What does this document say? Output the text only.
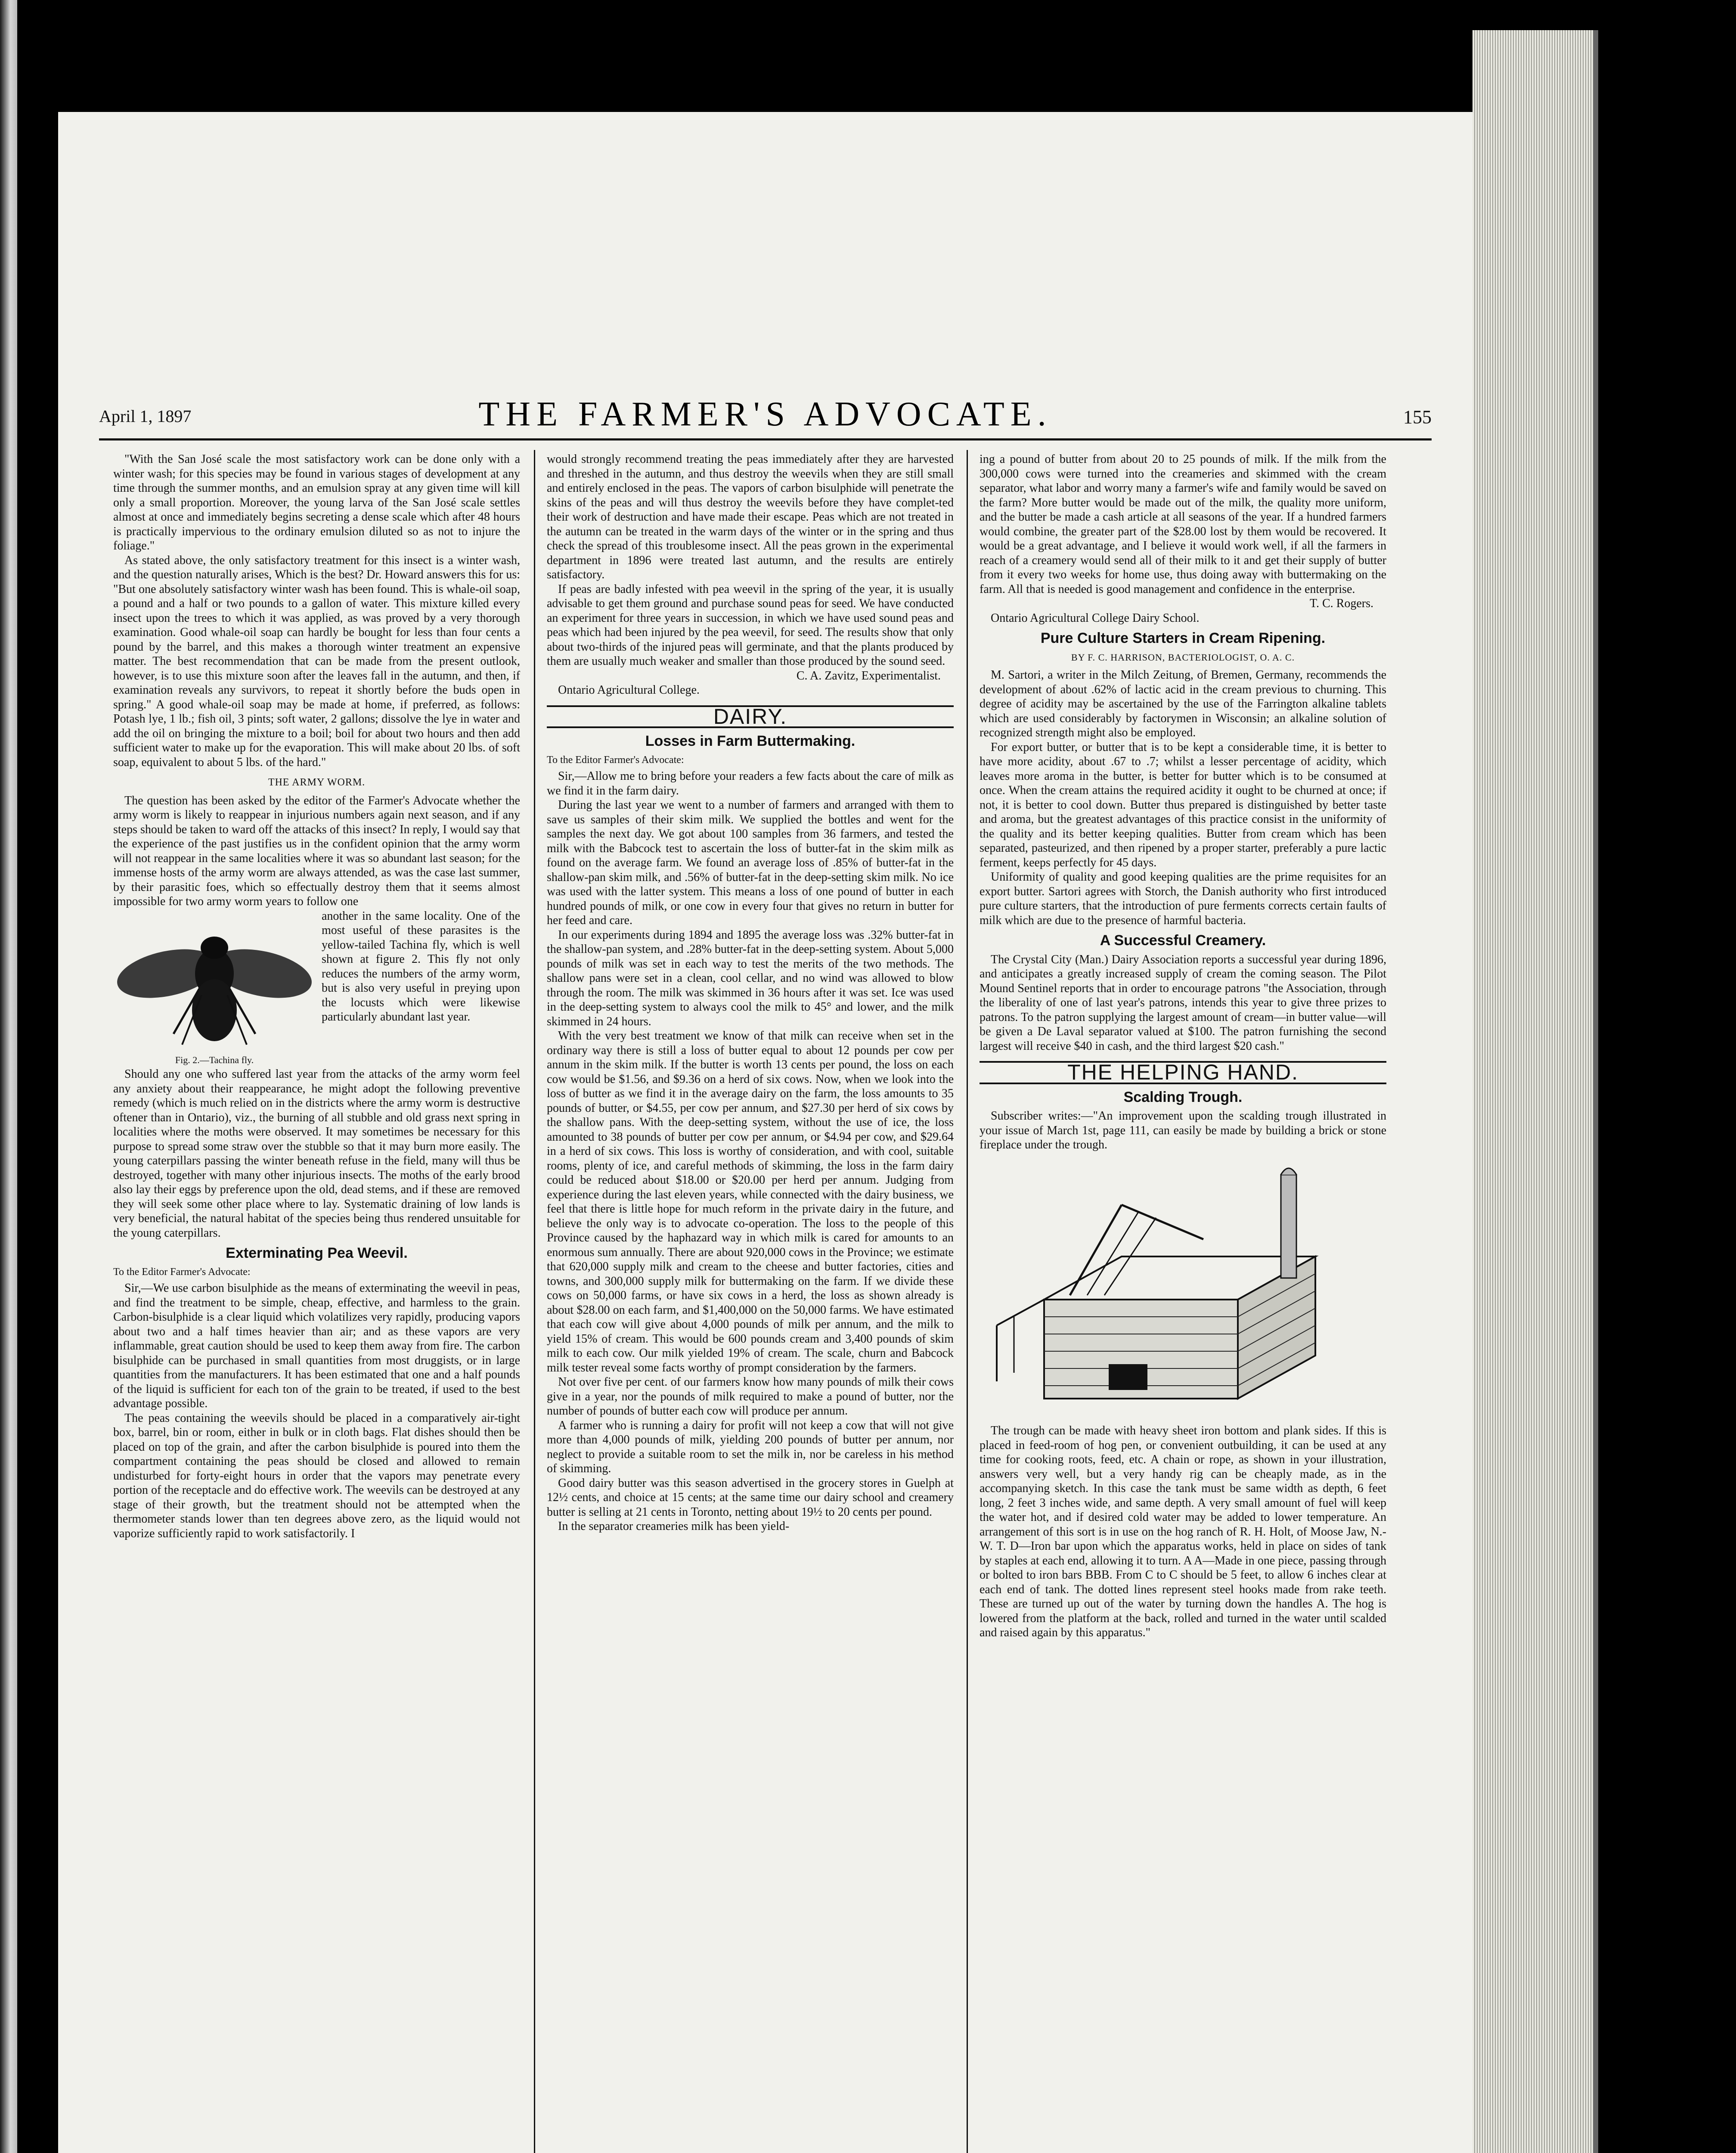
April 1, 1897	THE FARMER'S ADVOCATE.	155

"With the San José scale the most satisfactory work can be done only with a winter wash; for this species may be found in various stages of development at any time through the summer months, and an emulsion spray at any given time will kill only a small proportion. Moreover, the young larva of the San José scale settles almost at once and immediately begins secreting a dense scale which after 48 hours is practically impervious to the ordinary emulsion diluted so as not to injure the foliage."

As stated above, the only satisfactory treatment for this insect is a winter wash, and the question naturally arises, Which is the best? Dr. Howard answers this for us: "But one absolutely satisfactory winter wash has been found. This is whale-oil soap, a pound and a half or two pounds to a gallon of water. This mixture killed every insect upon the trees to which it was applied, as was proved by a very thorough examination. Good whale-oil soap can hardly be bought for less than four cents a pound by the barrel, and this makes a thorough winter treatment an expensive matter. The best recommendation that can be made from the present outlook, however, is to use this mixture soon after the leaves fall in the autumn, and then, if examination reveals any survivors, to repeat it shortly before the buds open in spring." A good whale-oil soap may be made at home, if preferred, as follows: Potash lye, 1 lb.; fish oil, 3 pints; soft water, 2 gallons; dissolve the lye in water and add the oil on bringing the mixture to a boil; boil for about two hours and then add sufficient water to make up for the evaporation. This will make about 20 lbs. of soft soap, equivalent to about 5 lbs. of the hard."

THE ARMY WORM.

The question has been asked by the editor of the Farmer's Advocate whether the army worm is likely to reappear in injurious numbers again next season, and if any steps should be taken to ward off the attacks of this insect? In reply, I would say that the experience of the past justifies us in the confident opinion that the army worm will not reappear in the same localities where it was so abundant last season; for the immense hosts of the army worm are always attended, as was the case last summer, by their parasitic foes, which so effectually destroy them that it seems almost impossible for two army worm years to follow one

Fig. 2.—Tachina fly.
another in the same locality. One of the most useful of these parasites is the yellow-tailed Tachina fly, which is well shown at figure 2. This fly not only reduces the numbers of the army worm, but is also very useful in preying upon the locusts which were likewise particularly abundant last year.

Should any one who suffered last year from the attacks of the army worm feel any anxiety about their reappearance, he might adopt the following preventive remedy (which is much relied on in the districts where the army worm is destructive oftener than in Ontario), viz., the burning of all stubble and old grass next spring in localities where the moths were observed. It may sometimes be necessary for this purpose to spread some straw over the stubble so that it may burn more easily. The young caterpillars passing the winter beneath refuse in the field, many will thus be destroyed, together with many other injurious insects. The moths of the early brood also lay their eggs by preference upon the old, dead stems, and if these are removed they will seek some other place where to lay. Systematic draining of low lands is very beneficial, the natural habitat of the species being thus rendered unsuitable for the young caterpillars.

Exterminating Pea Weevil.
To the Editor Farmer's Advocate:

Sir,—We use carbon bisulphide as the means of exterminating the weevil in peas, and find the treatment to be simple, cheap, effective, and harmless to the grain. Carbon-bisulphide is a clear liquid which volatilizes very rapidly, producing vapors about two and a half times heavier than air; and as these vapors are very inflammable, great caution should be used to keep them away from fire. The carbon bisulphide can be purchased in small quantities from most druggists, or in large quantities from the manufacturers. It has been estimated that one and a half pounds of the liquid is sufficient for each ton of the grain to be treated, if used to the best advantage possible.

The peas containing the weevils should be placed in a comparatively air-tight box, barrel, bin or room, either in bulk or in cloth bags. Flat dishes should then be placed on top of the grain, and after the carbon bisulphide is poured into them the compartment containing the peas should be closed and allowed to remain undisturbed for forty-eight hours in order that the vapors may penetrate every portion of the receptacle and do effective work. The weevils can be destroyed at any stage of their growth, but the treatment should not be attempted when the thermometer stands lower than ten degrees above zero, as the liquid would not vaporize sufficiently rapid to work satisfactorily. I

would strongly recommend treating the peas immediately after they are harvested and threshed in the autumn, and thus destroy the weevils when they are still small and entirely enclosed in the peas. The vapors of carbon bisulphide will penetrate the skins of the peas and will thus destroy the weevils before they have complet-ted their work of destruction and have made their escape. Peas which are not treated in the autumn can be treated in the warm days of the winter or in the spring and thus check the spread of this troublesome insect. All the peas grown in the experimental department in 1896 were treated last autumn, and the results are entirely satisfactory.

If peas are badly infested with pea weevil in the spring of the year, it is usually advisable to get them ground and purchase sound peas for seed. We have conducted an experiment for three years in succession, in which we have used sound peas and peas which had been injured by the pea weevil, for seed. The results show that only about two-thirds of the injured peas will germinate, and that the plants produced by them are usually much weaker and smaller than those produced by the sound seed.

C. A. Zavitz, Experimentalist.

Ontario Agricultural College.

DAIRY.
Losses in Farm Buttermaking.
To the Editor Farmer's Advocate:

Sir,—Allow me to bring before your readers a few facts about the care of milk as we find it in the farm dairy.

During the last year we went to a number of farmers and arranged with them to save us samples of their skim milk. We supplied the bottles and went for the samples the next day. We got about 100 samples from 36 farmers, and tested the milk with the Babcock test to ascertain the loss of butter-fat in the skim milk as found on the average farm. We found an average loss of .85% of butter-fat in the shallow-pan skim milk, and .56% of butter-fat in the deep-setting skim milk. No ice was used with the latter system. This means a loss of one pound of butter in each hundred pounds of milk, or one cow in every four that gives no return in butter for her feed and care.

In our experiments during 1894 and 1895 the average loss was .32% butter-fat in the shallow-pan system, and .28% butter-fat in the deep-setting system. About 5,000 pounds of milk was set in each way to test the merits of the two methods. The shallow pans were set in a clean, cool cellar, and no wind was allowed to blow through the room. The milk was skimmed in 36 hours after it was set. Ice was used in the deep-setting system to always cool the milk to 45° and lower, and the milk skimmed in 24 hours.

With the very best treatment we know of that milk can receive when set in the ordinary way there is still a loss of butter equal to about 12 pounds per cow per annum in the skim milk. If the butter is worth 13 cents per pound, the loss on each cow would be $1.56, and $9.36 on a herd of six cows. Now, when we look into the loss of butter as we find it in the average dairy on the farm, the loss amounts to 35 pounds of butter, or $4.55, per cow per annum, and $27.30 per herd of six cows by the shallow pans. With the deep-setting system, without the use of ice, the loss amounted to 38 pounds of butter per cow per annum, or $4.94 per cow, and $29.64 in a herd of six cows. This loss is worthy of consideration, and with cool, suitable rooms, plenty of ice, and careful methods of skimming, the loss in the farm dairy could be reduced about $18.00 or $20.00 per herd per annum. Judging from experience during the last eleven years, while connected with the dairy business, we feel that there is little hope for much reform in the private dairy in the future, and believe the only way is to advocate co-operation. The loss to the people of this Province caused by the haphazard way in which milk is cared for amounts to an enormous sum annually. There are about 920,000 cows in the Province; we estimate that 620,000 supply milk and cream to the cheese and butter factories, cities and towns, and 300,000 supply milk for buttermaking on the farm. If we divide these cows on 50,000 farms, or have six cows in a herd, the loss as shown already is about $28.00 on each farm, and $1,400,000 on the 50,000 farms. We have estimated that each cow will give about 4,000 pounds of milk per annum, and the milk to yield 15% of cream. This would be 600 pounds cream and 3,400 pounds of skim milk to each cow. Our milk yielded 19% of cream. The scale, churn and Babcock milk tester reveal some facts worthy of prompt consideration by the farmers.

Not over five per cent. of our farmers know how many pounds of milk their cows give in a year, nor the pounds of milk required to make a pound of butter, nor the number of pounds of butter each cow will produce per annum.

A farmer who is running a dairy for profit will not keep a cow that will not give more than 4,000 pounds of milk, yielding 200 pounds of butter per annum, nor neglect to provide a suitable room to set the milk in, nor be careless in his method of skimming.

Good dairy butter was this season advertised in the grocery stores in Guelph at 12½ cents, and choice at 15 cents; at the same time our dairy school and creamery butter is selling at 21 cents in Toronto, netting about 19½ to 20 cents per pound.

In the separator creameries milk has been yield-

ing a pound of butter from about 20 to 25 pounds of milk. If the milk from the 300,000 cows were turned into the creameries and skimmed with the cream separator, what labor and worry many a farmer's wife and family would be saved on the farm? More butter would be made out of the milk, the quality more uniform, and the butter be made a cash article at all seasons of the year. If a hundred farmers would combine, the greater part of the $28.00 lost by them would be recovered. It would be a great advantage, and I believe it would work well, if all the farmers in reach of a creamery would send all of their milk to it and get their supply of butter from it every two weeks for home use, thus doing away with buttermaking on the farm. All that is needed is good management and confidence in the enterprise.

T. C. Rogers.

Ontario Agricultural College Dairy School.

Pure Culture Starters in Cream Ripening.
BY F. C. HARRISON, BACTERIOLOGIST, O. A. C.

M. Sartori, a writer in the Milch Zeitung, of Bremen, Germany, recommends the development of about .62% of lactic acid in the cream previous to churning. This degree of acidity may be ascertained by the use of the Farrington alkaline tablets which are used considerably by factorymen in Wisconsin; an alkaline solution of recognized strength might also be employed.

For export butter, or butter that is to be kept a considerable time, it is better to have more acidity, about .67 to .7; whilst a lesser percentage of acidity, which leaves more aroma in the butter, is better for butter which is to be consumed at once. When the cream attains the required acidity it ought to be churned at once; if not, it is better to cool down. Butter thus prepared is distinguished by better taste and aroma, but the greatest advantages of this practice consist in the uniformity of the quality and its better keeping qualities. Butter from cream which has been separated, pasteurized, and then ripened by a proper starter, preferably a pure lactic ferment, keeps perfectly for 45 days.

Uniformity of quality and good keeping qualities are the prime requisites for an export butter. Sartori agrees with Storch, the Danish authority who first introduced pure culture starters, that the introduction of pure ferments corrects certain faults of milk which are due to the presence of harmful bacteria.

A Successful Creamery.

The Crystal City (Man.) Dairy Association reports a successful year during 1896, and anticipates a greatly increased supply of cream the coming season. The Pilot Mound Sentinel reports that in order to encourage patrons "the Association, through the liberality of one of last year's patrons, intends this year to give three prizes to patrons. To the patron supplying the largest amount of cream—in butter value—will be given a De Laval separator valued at $100. The patron furnishing the second largest will receive $40 in cash, and the third largest $20 cash."

THE HELPING HAND.
Scalding Trough.

Subscriber writes:—"An improvement upon the scalding trough illustrated in your issue of March 1st, page 111, can easily be made by building a brick or stone fireplace under the trough.

The trough can be made with heavy sheet iron bottom and plank sides. If this is placed in feed-room of hog pen, or convenient outbuilding, it can be used at any time for cooking roots, feed, etc. A chain or rope, as shown in your illustration, answers very well, but a very handy rig can be cheaply made, as in the accompanying sketch. In this case the tank must be same width as depth, 6 feet long, 2 feet 3 inches wide, and same depth. A very small amount of fuel will keep the water hot, and if desired cold water may be added to lower temperature. An arrangement of this sort is in use on the hog ranch of R. H. Holt, of Moose Jaw, N.-W. T. D—Iron bar upon which the apparatus works, held in place on sides of tank by staples at each end, allowing it to turn. A A—Made in one piece, passing through or bolted to iron bars BBB. From C to C should be 5 feet, to allow 6 inches clear at each end of tank. The dotted lines represent steel hooks made from rake teeth. These are turned up out of the water by turning down the handles A. The hog is lowered from the platform at the back, rolled and turned in the water until scalded and raised again by this apparatus."
